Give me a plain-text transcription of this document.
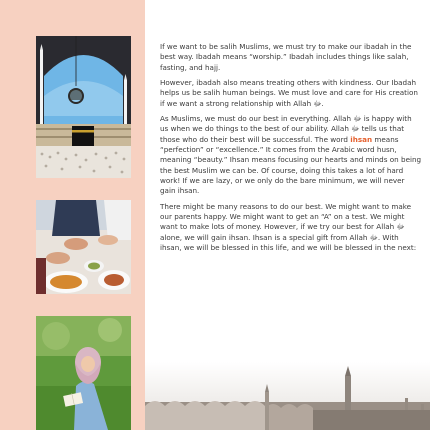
If we want to be salih Muslims, we must try to make our ibadah in the best way. Ibadah means “worship.” Ibadah includes things like salah, fasting, and hajj.

However, ibadah also means treating others with kindness. Our Ibadah helps us be salih human beings. We must love and care for His creation if we want a strong relationship with Allah ﷻ.

As Muslims, we must do our best in everything. Allah ﷻ is happy with us when we do things to the best of our ability. Allah ﷻ tells us that those who do their best will be successful. The word ihsan means “perfection” or “excellence.” It comes from the Arabic word husn, meaning “beauty.” Ihsan means focusing our hearts and minds on being the best Muslim we can be. Of course, doing this takes a lot of hard work! If we are lazy, or we only do the bare minimum, we will never gain ihsan.

There might be many reasons to do our best. We might want to make our parents happy. We might want to get an “A” on a test. We might want to make lots of money. However, if we try our best for Allah ﷻ alone, we will gain ihsan. Ihsan is a special gift from Allah ﷻ. With ihsan, we will be blessed in this life, and we will be blessed in the next:
